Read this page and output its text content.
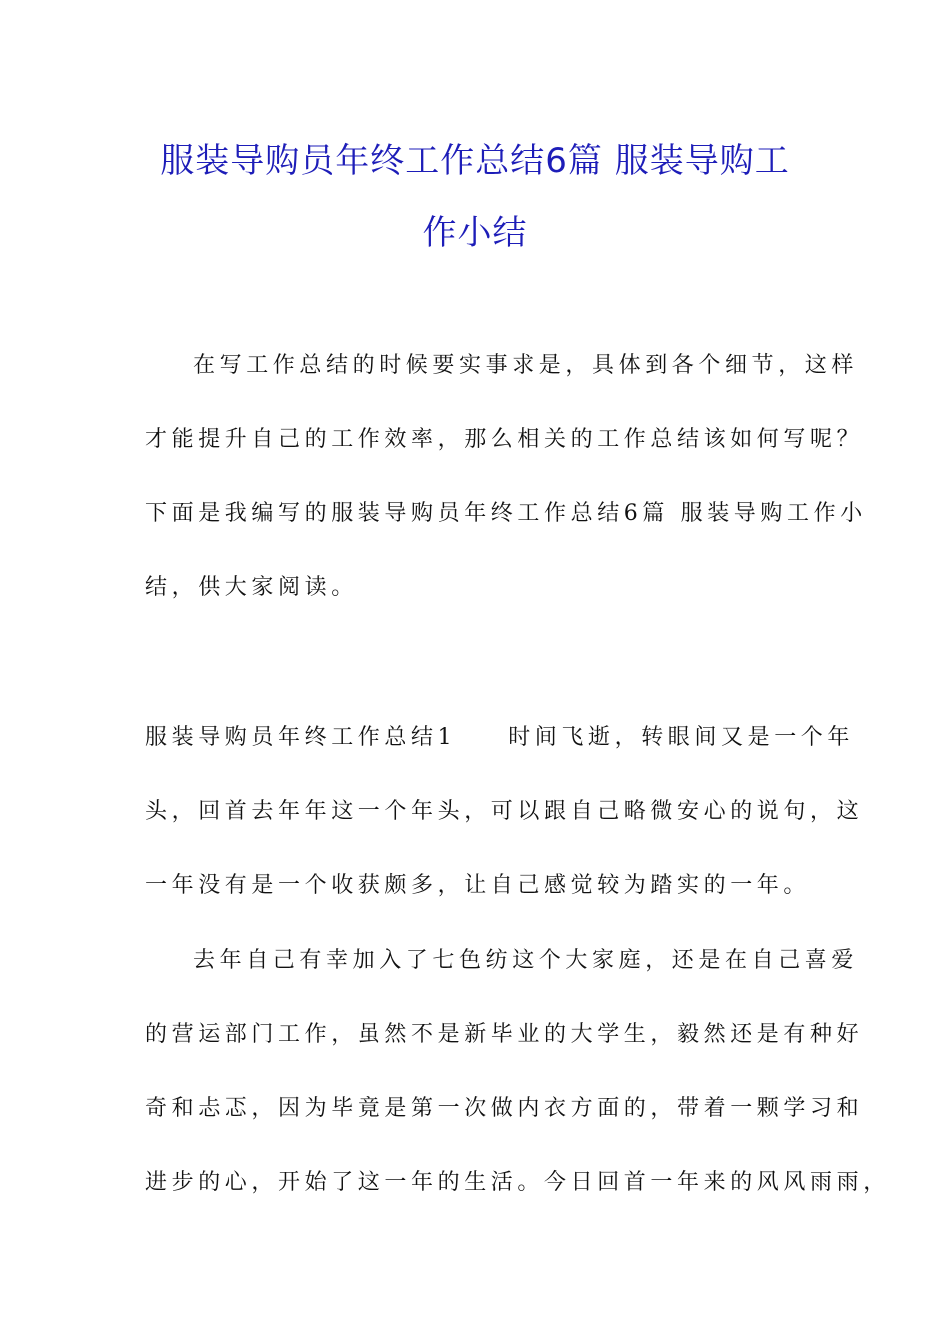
服装导购员年终工作总结6篇 服装导购工
作小结
在写工作总结的时候要实事求是，具体到各个细节，这样
才能提升自己的工作效率，那么相关的工作总结该如何写呢？
下面是我编写的服装导购员年终工作总结6篇 服装导购工作小
结，供大家阅读。
服装导购员年终工作总结1 时间飞逝，转眼间又是一个年
头，回首去年年这一个年头，可以跟自己略微安心的说句，这
一年没有是一个收获颇多，让自己感觉较为踏实的一年。
去年自己有幸加入了七色纺这个大家庭，还是在自己喜爱
的营运部门工作，虽然不是新毕业的大学生，毅然还是有种好
奇和忐忑，因为毕竟是第一次做内衣方面的，带着一颗学习和
进步的心，开始了这一年的生活。今日回首一年来的风风雨雨，
